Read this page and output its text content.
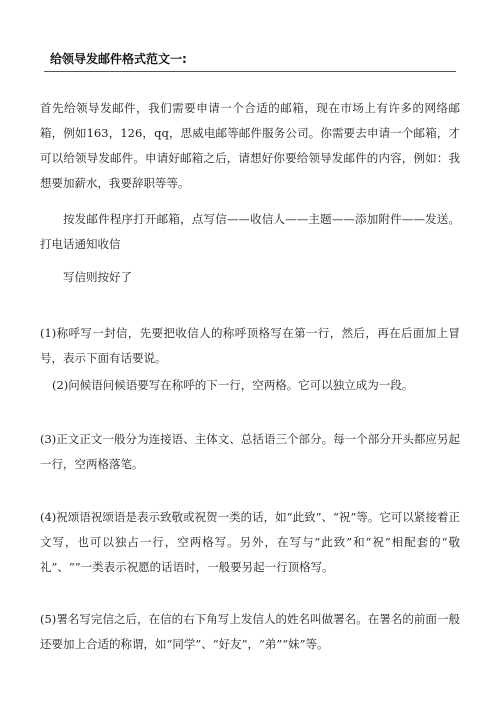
给领导发邮件格式范文一:

首先给领导发邮件，我们需要申请一个合适的邮箱，现在市场上有许多的网络邮箱，例如163，126，qq，思威电邮等邮件服务公司。你需要去申请一个邮箱，才可以给领导发邮件。申请好邮箱之后，请想好你要给领导发邮件的内容，例如：我想要加薪水，我要辞职等等。

按发邮件程序打开邮箱，点写信——收信人——主题——添加附件——发送。打电话通知收信

写信则按好了

(1)称呼写一封信，先要把收信人的称呼顶格写在第一行，然后，再在后面加上冒号，表示下面有话要说。

(2)问候语问候语要写在称呼的下一行，空两格。它可以独立成为一段。

(3)正文正文一般分为连接语、主体文、总括语三个部分。每一个部分开头都应另起一行，空两格落笔。

(4)祝颂语祝颂语是表示致敬或祝贺一类的话，如“此致”、“祝”等。它可以紧接着正文写，也可以独占一行，空两格写。另外，在写与“此致”和“祝”相配套的“敬礼”、“”一类表示祝愿的话语时，一般要另起一行顶格写。

(5)署名写完信之后，在信的右下角写上发信人的姓名叫做署名。在署名的前面一般还要加上合适的称谓，如“同学”、“好友”，“弟”“妹”等。
